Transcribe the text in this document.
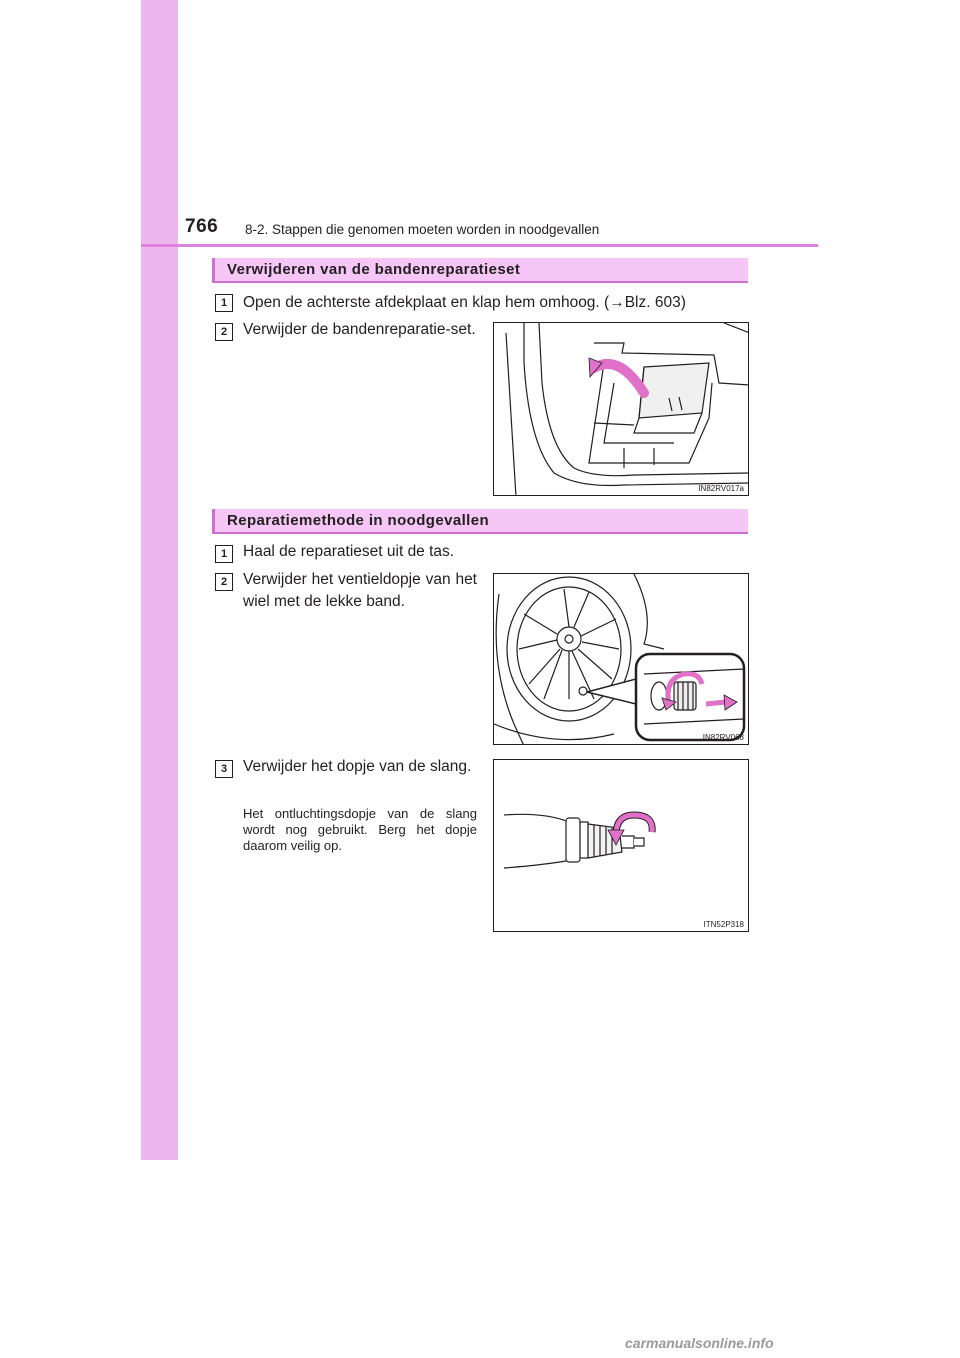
766 8-2. Stappen die genomen moeten worden in noodgevallen
Verwijderen van de bandenreparatieset
1	Open de achterste afdekplaat en klap hem omhoog. (→Blz. 603)
2	Verwijder de bandenreparatie-set.
IN82RV017a
Reparatiemethode in noodgevallen
1	Haal de reparatieset uit de tas.
2	Verwijder het ventieldopje van het wiel met de lekke band.
IN82RV068
3	Verwijder het dopje van de slang.
Het ontluchtingsdopje van de slang wordt nog gebruikt. Berg het dopje daarom veilig op.
ITN52P318
carmanualsonline.info
